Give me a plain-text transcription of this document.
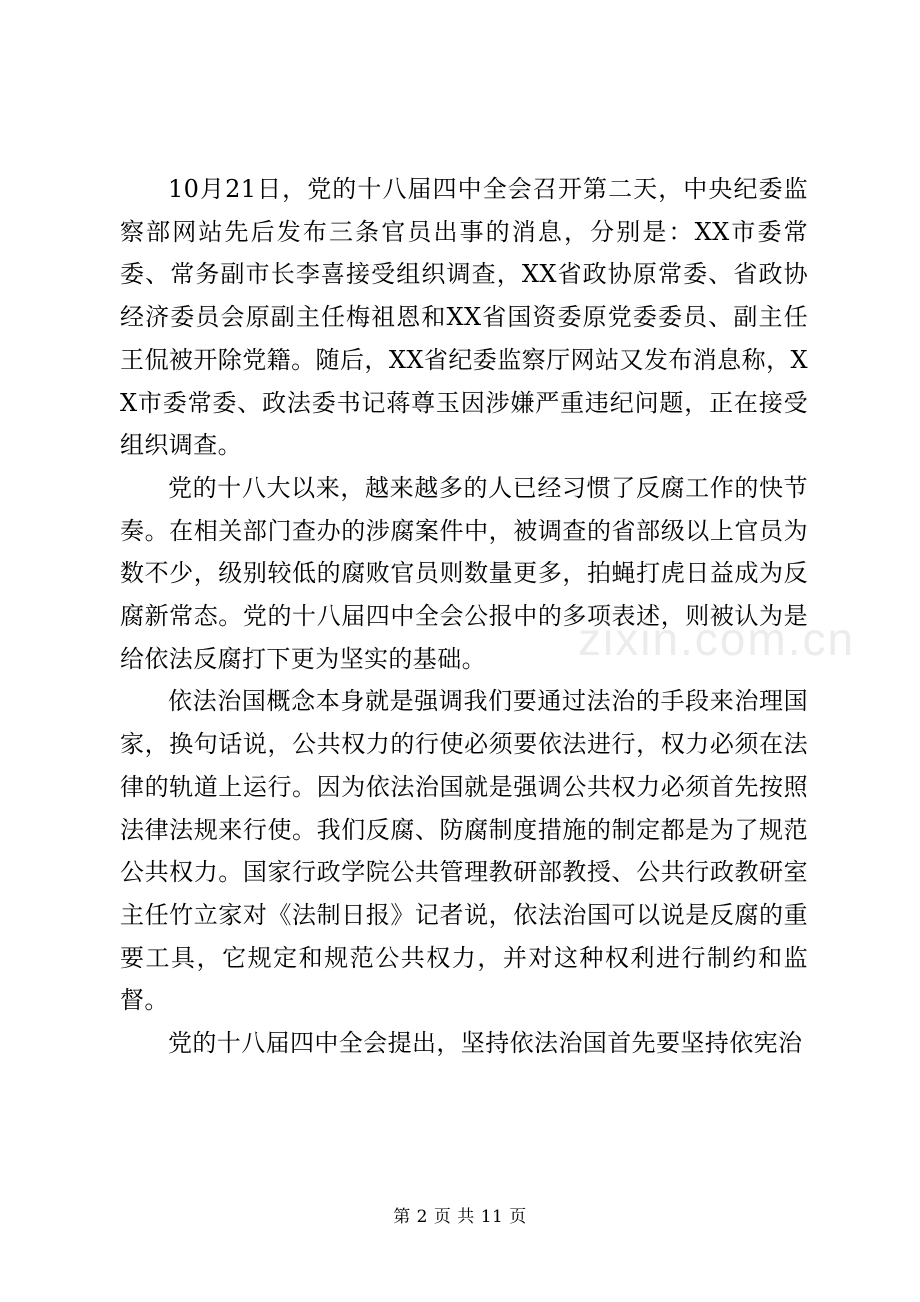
10月21日，党的十八届四中全会召开第二天，中央纪委监察部网站先后发布三条官员出事的消息，分别是：XX市委常委、常务副市长李喜接受组织调查，XX省政协原常委、省政协经济委员会原副主任梅祖恩和XX省国资委原党委委员、副主任王侃被开除党籍。随后，XX省纪委监察厅网站又发布消息称，XX市委常委、政法委书记蒋尊玉因涉嫌严重违纪问题，正在接受组织调查。

党的十八大以来，越来越多的人已经习惯了反腐工作的快节奏。在相关部门查办的涉腐案件中，被调查的省部级以上官员为数不少，级别较低的腐败官员则数量更多，拍蝇打虎日益成为反腐新常态。党的十八届四中全会公报中的多项表述，则被认为是给依法反腐打下更为坚实的基础。

依法治国概念本身就是强调我们要通过法治的手段来治理国家，换句话说，公共权力的行使必须要依法进行，权力必须在法律的轨道上运行。因为依法治国就是强调公共权力必须首先按照法律法规来行使。我们反腐、防腐制度措施的制定都是为了规范公共权力。国家行政学院公共管理教研部教授、公共行政教研室主任竹立家对《法制日报》记者说，依法治国可以说是反腐的重要工具，它规定和规范公共权力，并对这种权利进行制约和监督。

党的十八届四中全会提出，坚持依法治国首先要坚持依宪治

zixin.com.cn
第 2 页 共 11 页
